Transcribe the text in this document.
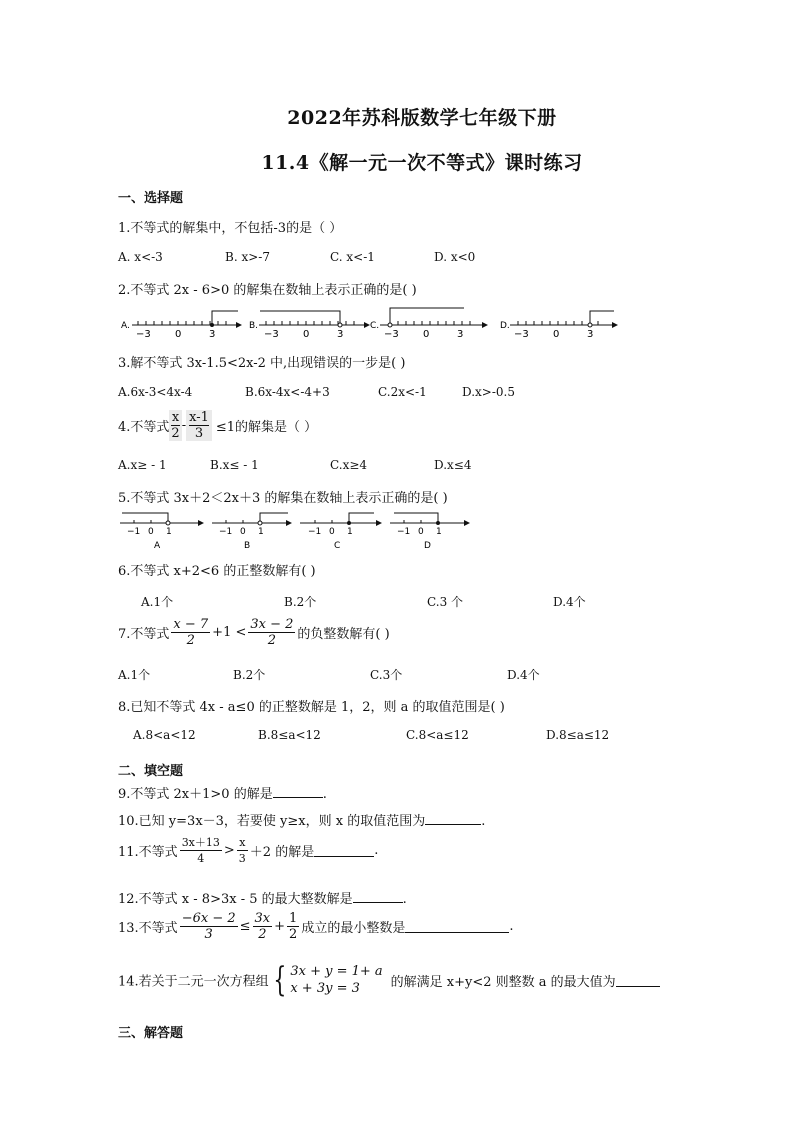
2022年苏科版数学七年级下册
11.4《解一元一次不等式》课时练习
一、选择题
1.不等式的解集中，不包括-3的是（ ）
A. x<-3	B. x>-7	C. x<-1	D. x<0
2.不等式 2x - 6>0 的解集在数轴上表示正确的是( )
A.
−3 0	3
B.
−3 0	3
C.
−3 0	3
D.
−3 0	3
3.解不等式 3x-1.5<2x-2 中,出现错误的一步是( )
A.6x-3<4x-4	B.6x-4x<-4+3	C.2x<-1	D.x>-0.5
4.不等式 $\frac{x}{2} - \frac{x-1}{3} \le 1$的解集是（ ）
A.x≥ - 1	B.x≤ - 1	C.x≥4	D.x≤4
5.不等式 3x＋2＜2x＋3 的解集在数轴上表示正确的是( )
−1 0 1
A
−1 0 1
B
−1 0 1
C
−1 0 1
D
6.不等式 x+2<6 的正整数解有( )
A.1个	B.2个	C.3 个	D.4个
7.不等式 $\frac{x - 7}{2} +1 < \frac{3x - 2}{2}$ 的负整数解有( )
A.1个	B.2个	C.3个	D.4个
8.已知不等式 4x - a≤0 的正整数解是 1，2，则 a 的取值范围是( )
A.8<a<12	B.8≤a<12	C.8<a≤12	D.8≤a≤12
二、填空题
9.不等式 2x＋1>0 的解是	.
10.已知 y=3x－3，若要使 y≥x，则 x 的取值范围为	.
11.不等式 $\frac{3x+13}{4} > \frac{x}{3} +2$ 的解是	.
12.不等式 x - 8>3x - 5 的最大整数解是	.
13.不等式 $\frac{-6x - 2}{3} \le \frac{3x}{2} + \frac{1}{2}$ 成立的最小整数是	.
14.若关于二元一次方程组 { 3x + y = 1+ a
x + 3y = 3	的解满足 x+y<2 则整数 a 的最大值为
三、解答题
